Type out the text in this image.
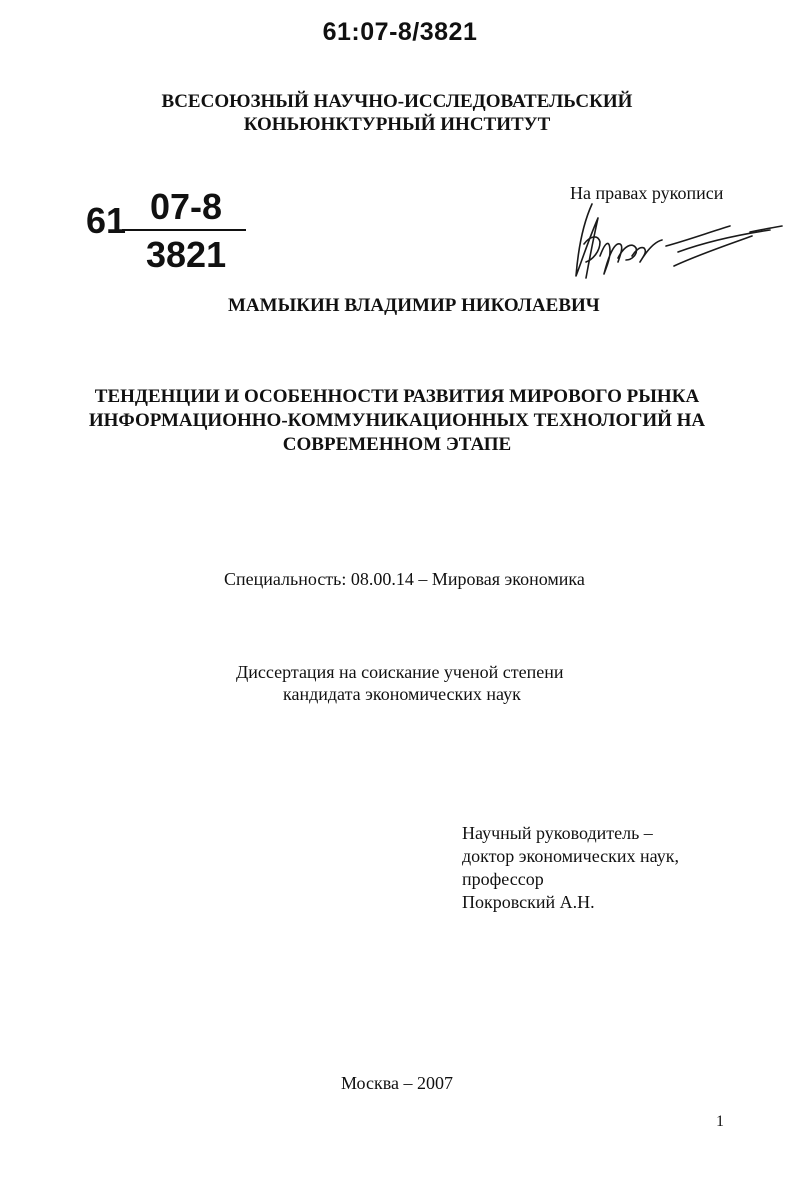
61:07-8/3821
ВСЕСОЮЗНЫЙ НАУЧНО-ИССЛЕДОВАТЕЛЬСКИЙ
КОНЬЮНКТУРНЫЙ ИНСТИТУТ
На правах рукописи
61 07-8
3821
МАМЫКИН ВЛАДИМИР НИКОЛАЕВИЧ
ТЕНДЕНЦИИ И ОСОБЕННОСТИ РАЗВИТИЯ МИРОВОГО РЫНКА
ИНФОРМАЦИОННО-КОММУНИКАЦИОННЫХ ТЕХНОЛОГИЙ НА
СОВРЕМЕННОМ ЭТАПЕ
Специальность: 08.00.14 – Мировая экономика
Диссертация на соискание ученой степени
кандидата экономических наук
Научный руководитель –
доктор экономических наук,
профессор
Покровский А.Н.
Москва – 2007
1
